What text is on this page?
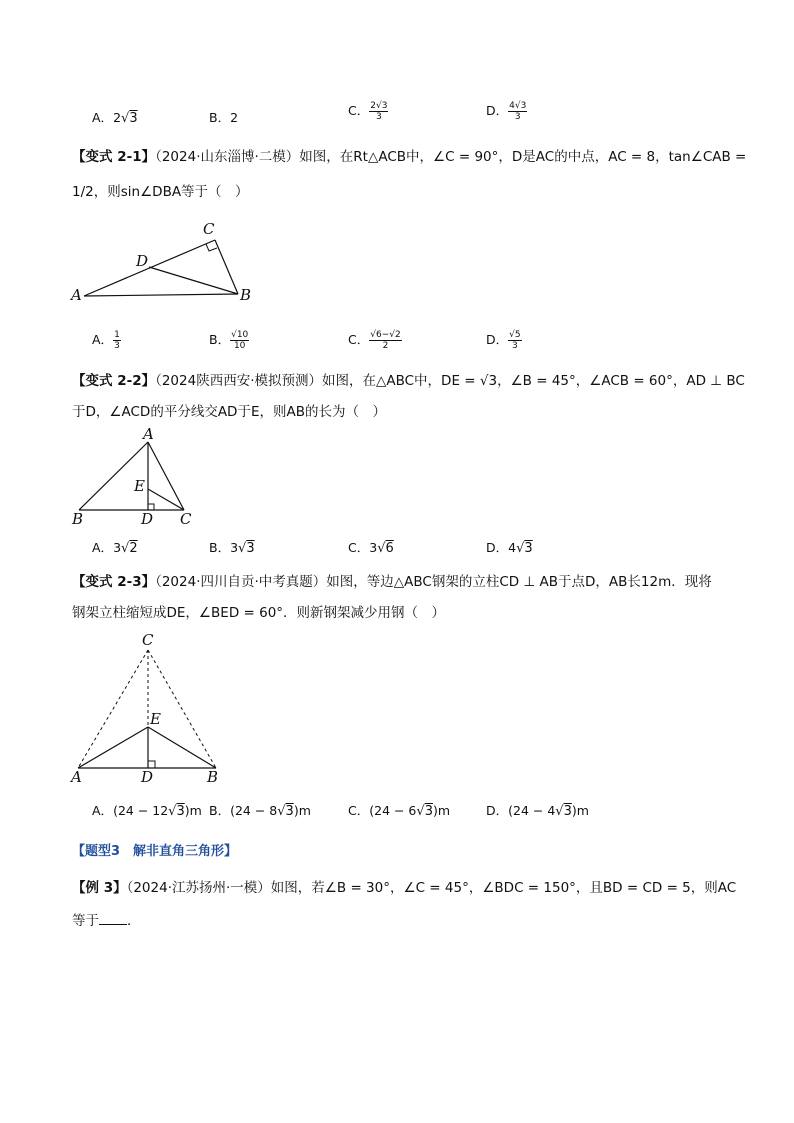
A．2√3	B．2	C． $\frac{2√3}{3}$	D． $\frac{4√3}{3}$
【变式 2-1】（2024·山东淄博·二模）如图，在Rt△ACB中，∠C = 90°，D是AC的中点，AC = 8，tan∠CAB =
1/2，则sin∠DBA等于（　）
A	B
C
D
A． $\frac{1}{3}$	B． $\frac{√10}{10}$	C． $\frac{√6-√2}{2}$	D． $\frac{√5}{3}$
【变式 2-2】（2024陕西西安·模拟预测）如图，在△ABC中，DE = √3，∠B = 45°，∠ACB = 60°，AD ⊥ BC
于D，∠ACD的平分线交AD于E，则AB的长为（　）
A
B	C
D
E
A．3√2	B．3√3	C．3√6	D．4√3
【变式 2-3】（2024·四川自贡·中考真题）如图，等边△ABC钢架的立柱CD ⊥ AB于点D，AB长12m．现将
钢架立柱缩短成DE，∠BED = 60°．则新钢架减少用钢（　）
A	B
C
D
E
A．(24 − 12√3)m B．(24 − 8√3)m	C．(24 − 6√3)m	D．(24 − 4√3)m
【题型3　解非直角三角形】
【例 3】（2024·江苏扬州·一模）如图，若∠B = 30°，∠C = 45°，∠BDC = 150°，且BD = CD = 5，则AC
等于 ．
